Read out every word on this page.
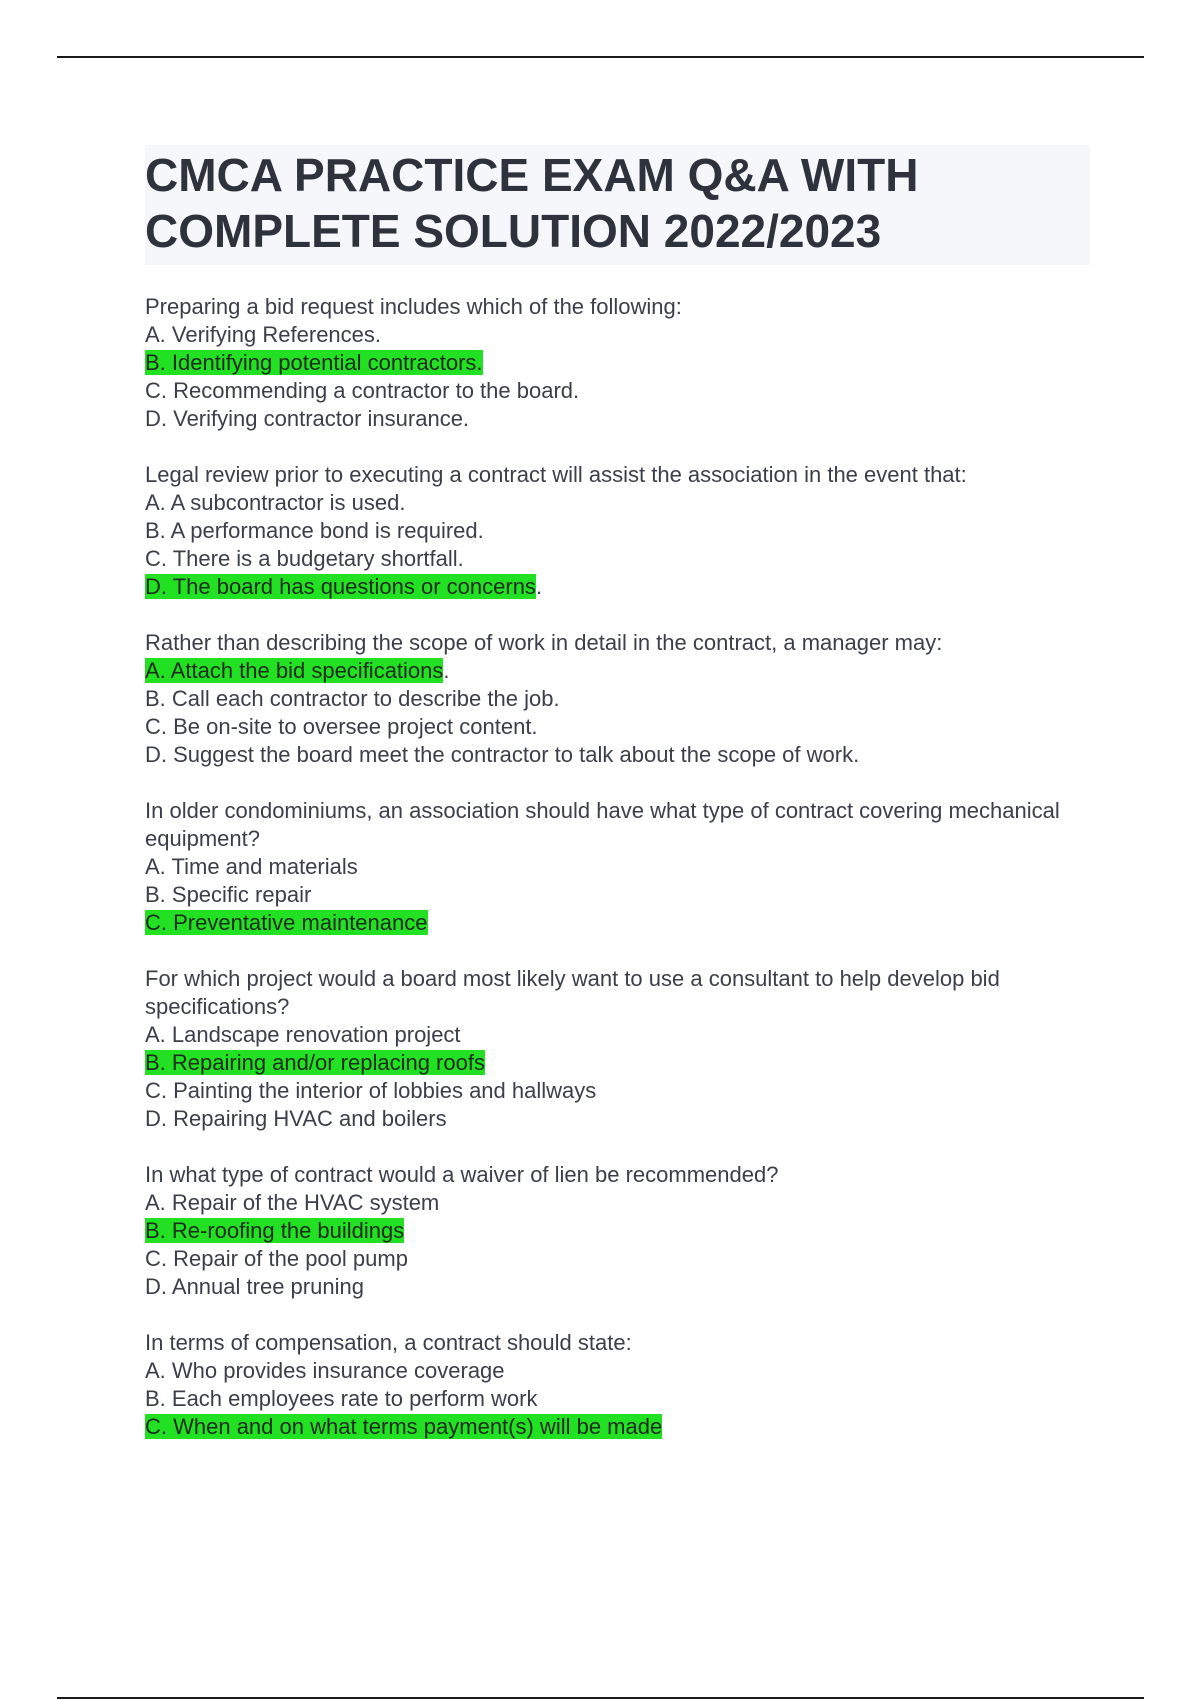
CMCA PRACTICE EXAM Q&A WITH COMPLETE SOLUTION 2022/2023
Preparing a bid request includes which of the following:
A. Verifying References.
B. Identifying potential contractors.
C. Recommending a contractor to the board.
D. Verifying contractor insurance.
Legal review prior to executing a contract will assist the association in the event that:
A. A subcontractor is used.
B. A performance bond is required.
C. There is a budgetary shortfall.
D. The board has questions or concerns.
Rather than describing the scope of work in detail in the contract, a manager may:
A. Attach the bid specifications.
B. Call each contractor to describe the job.
C. Be on-site to oversee project content.
D. Suggest the board meet the contractor to talk about the scope of work.
In older condominiums, an association should have what type of contract covering mechanical equipment?
A. Time and materials
B. Specific repair
C. Preventative maintenance
For which project would a board most likely want to use a consultant to help develop bid specifications?
A. Landscape renovation project
B. Repairing and/or replacing roofs
C. Painting the interior of lobbies and hallways
D. Repairing HVAC and boilers
In what type of contract would a waiver of lien be recommended?
A. Repair of the HVAC system
B. Re-roofing the buildings
C. Repair of the pool pump
D. Annual tree pruning
In terms of compensation, a contract should state:
A. Who provides insurance coverage
B. Each employees rate to perform work
C. When and on what terms payment(s) will be made
